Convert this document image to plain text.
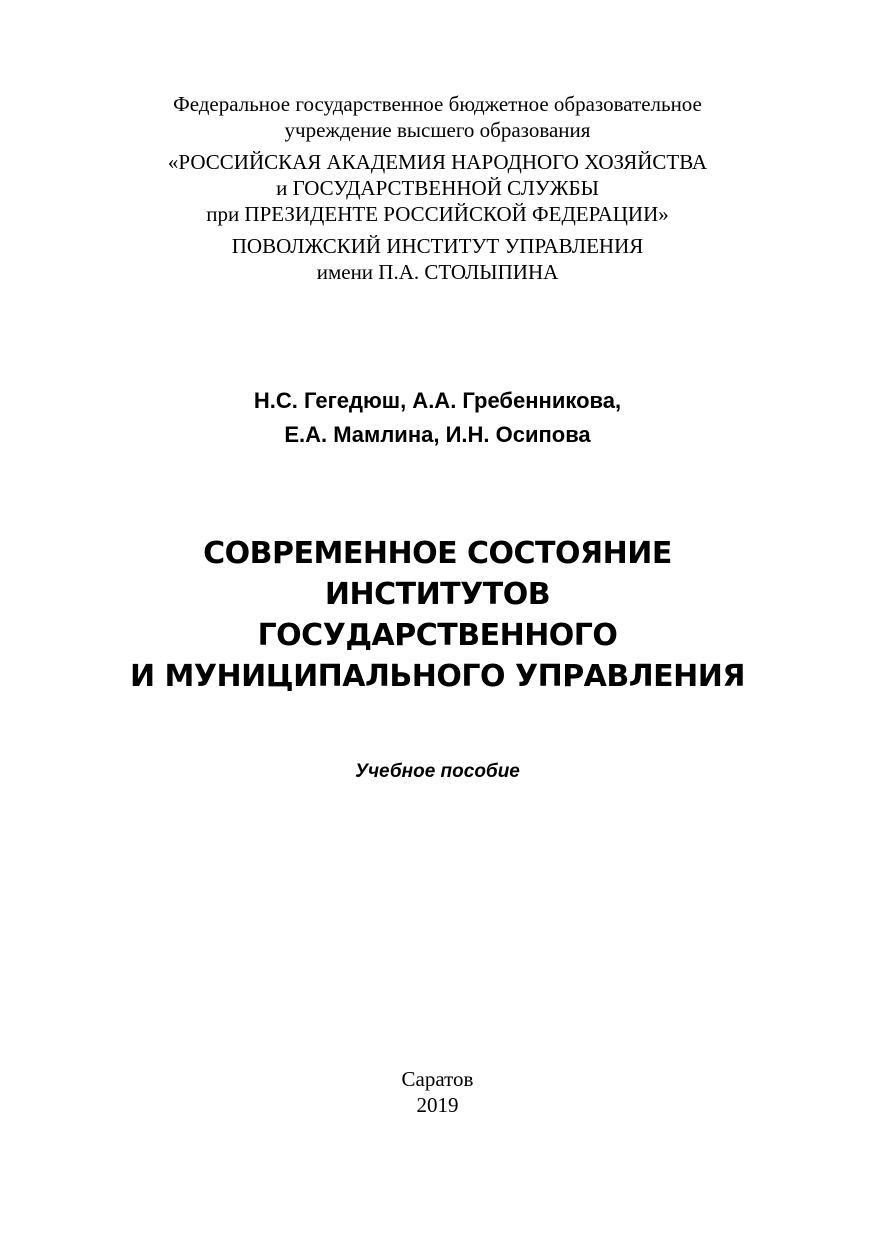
Федеральное государственное бюджетное образовательное
учреждение высшего образования
«РОССИЙСКАЯ АКАДЕМИЯ НАРОДНОГО ХОЗЯЙСТВА
и ГОСУДАРСТВЕННОЙ СЛУЖБЫ
при ПРЕЗИДЕНТЕ РОССИЙСКОЙ ФЕДЕРАЦИИ»
ПОВОЛЖСКИЙ ИНСТИТУТ УПРАВЛЕНИЯ
имени П.А. СТОЛЫПИНА
Н.С. Гегедюш, А.А. Гребенникова,
Е.А. Мамлина, И.Н. Осипова
СОВРЕМЕННОЕ СОСТОЯНИЕ
ИНСТИТУТОВ
ГОСУДАРСТВЕННОГО
И МУНИЦИПАЛЬНОГО УПРАВЛЕНИЯ
Учебное пособие
Саратов
2019
